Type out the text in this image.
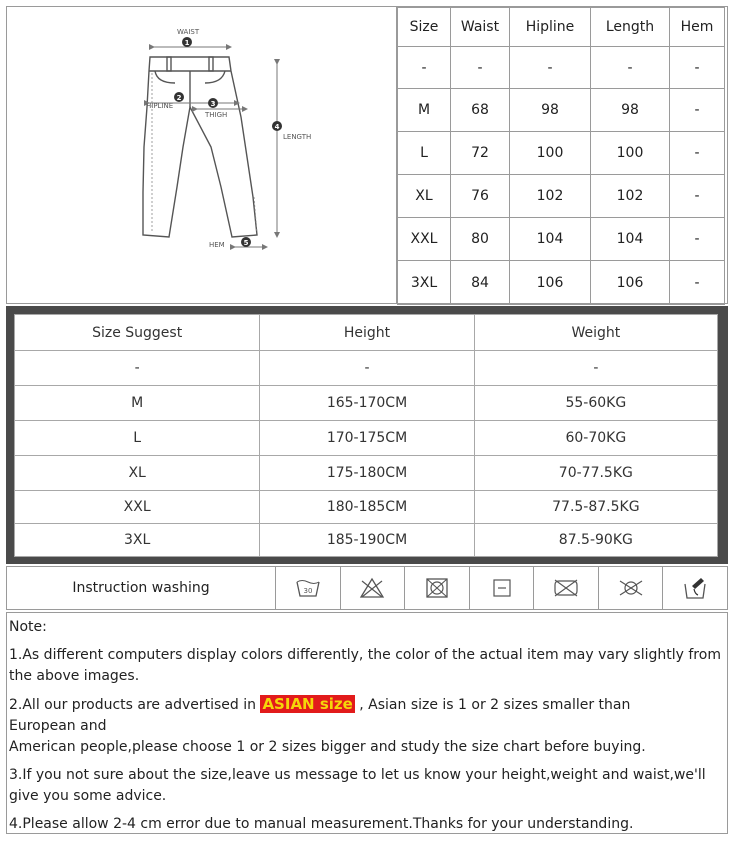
1
2
3
4
5
WAIST
HIPLINE
THIGH
LENGTH
HEM
Size	Waist	Hipline	Length	Hem
-	-	-	-	-
M	68	98	98	-
L	72	100	100	-
XL	76	102	102	-
XXL	80	104	104	-
3XL	84	106	106	-
Size Suggest	Height	Weight
-	-	-
M	165-170CM	55-60KG
L	170-175CM	60-70KG
XL	175-180CM	70-77.5KG
XXL	180-185CM	77.5-87.5KG
3XL	185-190CM	87.5-90KG
Instruction washing	30

Note:

1.As different computers display colors differently, the color of the actual item may vary slightly from the above images.

2.All our products are advertised in ASIAN size , Asian size is 1 or 2 sizes smaller than

European and

American people,please choose 1 or 2 sizes bigger and study the size chart before buying.

3.If you not sure about the size,leave us message to let us know your height,weight and waist,we'll give you some advice.

4.Please allow 2-4 cm error due to manual measurement.Thanks for your understanding.
